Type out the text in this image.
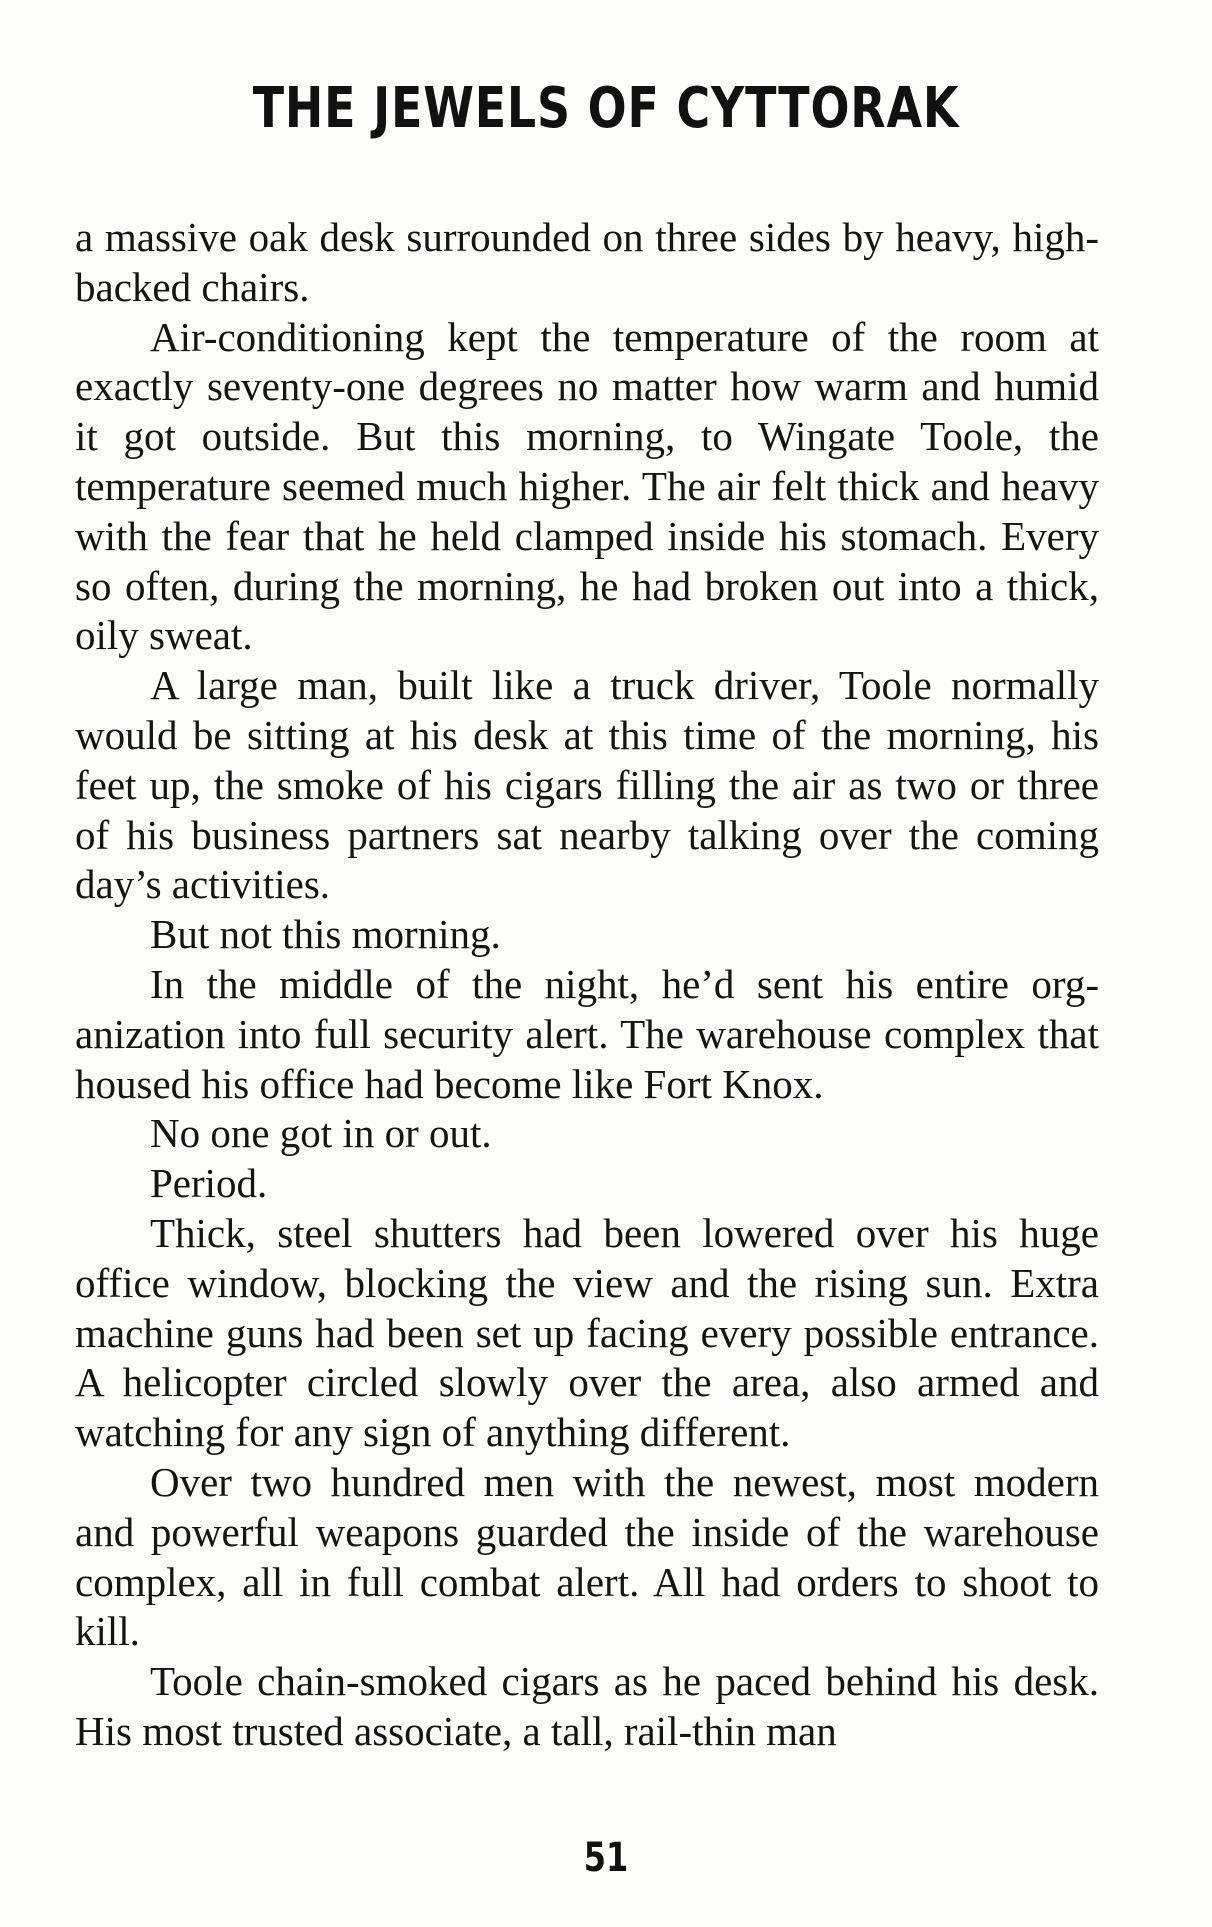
THE JEWELS OF CYTTORAK

a massive oak desk surrounded on three sides by heavy, high-backed chairs.

Air-conditioning kept the temperature of the room at exactly seventy-one degrees no matter how warm and humid it got outside. But this morning, to Wingate Toole, the temperature seemed much higher. The air felt thick and heavy with the fear that he held clamped inside his stomach. Every so often, during the morning, he had broken out into a thick, oily sweat.

A large man, built like a truck driver, Toole normally would be sitting at his desk at this time of the morning, his feet up, the smoke of his cigars filling the air as two or three of his business partners sat nearby talking over the coming day’s activities.

But not this morning.

In the middle of the night, he’d sent his entire organization into full security alert. The warehouse complex that housed his office had become like Fort Knox.

No one got in or out.

Period.

Thick, steel shutters had been lowered over his huge office window, blocking the view and the rising sun. Extra machine guns had been set up facing every possible entrance. A helicopter circled slowly over the area, also armed and watching for any sign of anything different.

Over two hundred men with the newest, most modern and powerful weapons guarded the inside of the warehouse complex, all in full combat alert. All had orders to shoot to kill.

Toole chain-smoked cigars as he paced behind his desk. His most trusted associate, a tall, rail-thin man

51
